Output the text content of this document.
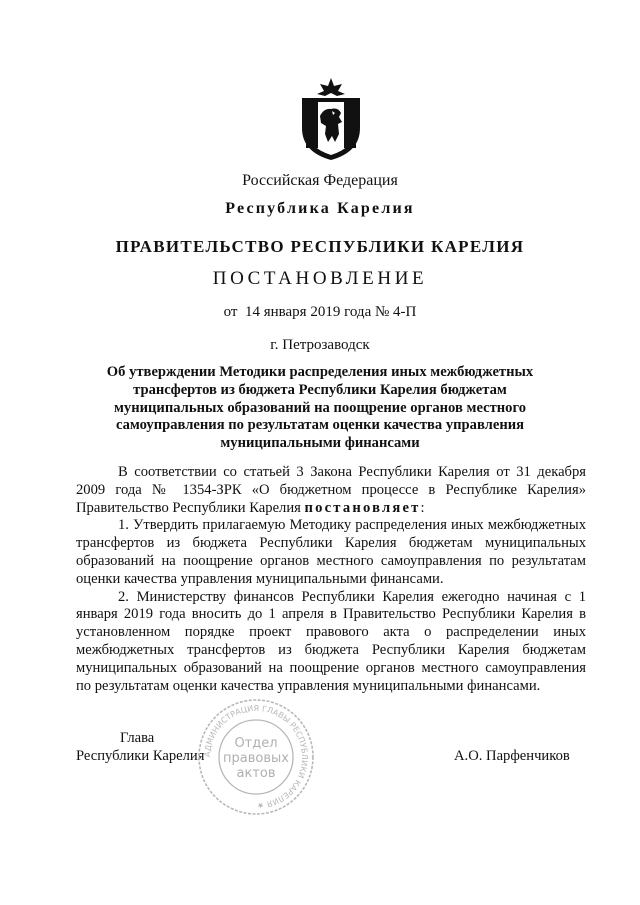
Российская Федерация
Республика Карелия
ПРАВИТЕЛЬСТВО РЕСПУБЛИКИ КАРЕЛИЯ
ПОСТАНОВЛЕНИЕ
от  14 января 2019 года № 4-П
г. Петрозаводск
Об утверждении Методики распределения иных межбюджетных трансфертов из бюджета Республики Карелия бюджетам муниципальных образований на поощрение органов местного самоуправления по результатам оценки качества управления муниципальными финансами

В соответствии со статьей 3 Закона Республики Карелия от 31 декабря 2009 года № 1354-ЗРК «О бюджетном процессе в Республике Карелия» Правительство Республики Карелия постановляет:

1. Утвердить прилагаемую Методику распределения иных межбюджетных трансфертов из бюджета Республики Карелия бюджетам муниципальных образований на поощрение органов местного самоуправления по результатам оценки качества управления муниципальными финансами.

2. Министерству финансов Республики Карелия ежегодно начиная с 1 января 2019 года вносить до 1 апреля в Правительство Республики Карелия в установленном порядке проект правового акта о распределении иных межбюджетных трансфертов из бюджета Республики Карелия бюджетам муниципальных образований на поощрение органов местного самоуправления по результатам оценки качества управления муниципальными финансами.

Глава
Республики Карелия	А.О. Парфенчиков
АДМИНИСТРАЦИЯ ГЛАВЫ РЕСПУБЛИКИ КАРЕЛИЯ ★
Отдел
правовых
актов
